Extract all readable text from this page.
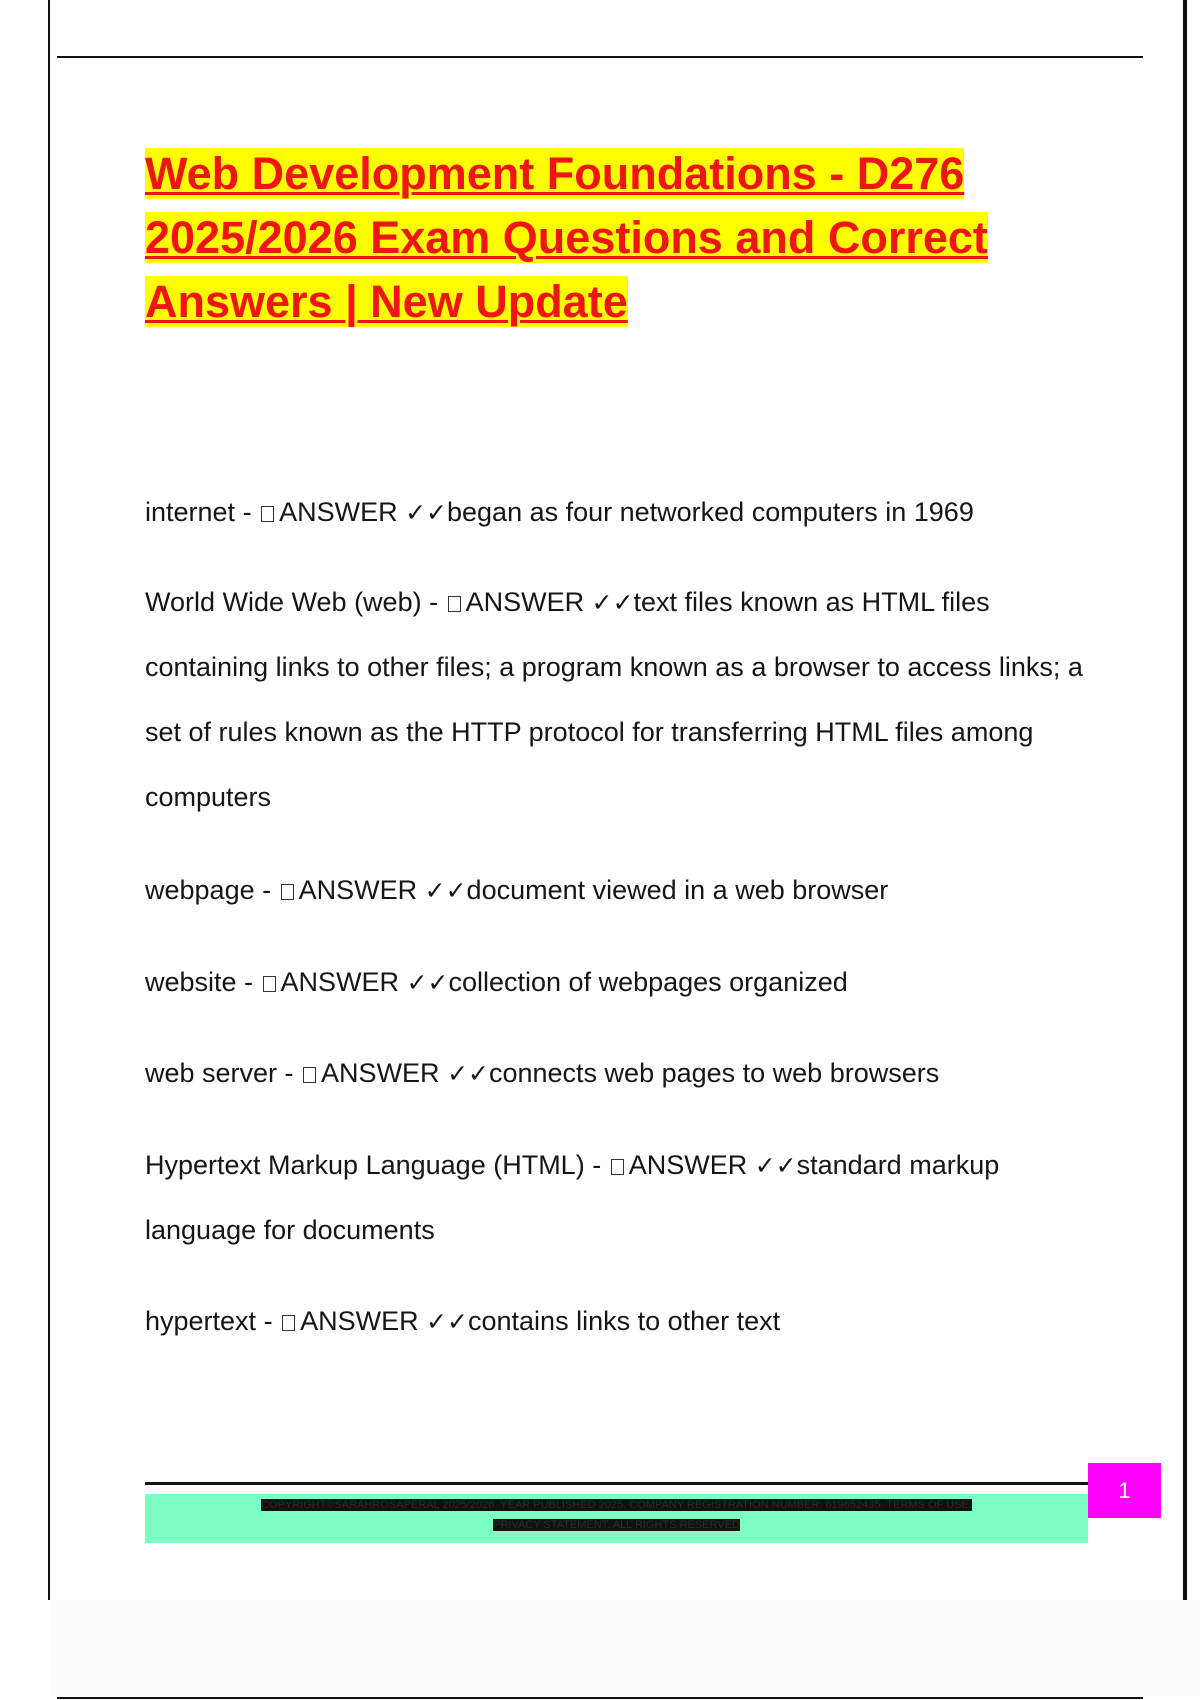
Web Development Foundations - D276 2025/2026 Exam Questions and Correct Answers | New Update

internet - ANSWER ✓✓began as four networked computers in 1969

World Wide Web (web) - ANSWER ✓✓text files known as HTML files containing links to other files; a program known as a browser to access links; a set of rules known as the HTTP protocol for transferring HTML files among computers

webpage - ANSWER ✓✓document viewed in a web browser

website - ANSWER ✓✓collection of webpages organized

web server - ANSWER ✓✓connects web pages to web browsers

Hypertext Markup Language (HTML) - ANSWER ✓✓standard markup language for documents

hypertext - ANSWER ✓✓contains links to other text

COPYRIGHT©SARAHROSAPERAL 2025/2026. YEAR PUBLISHED 2025. COMPANY REGISTRATION NUMBER: 619652435. TERMS OF USE.
PRIVACY STATEMENT. ALL RIGHTS RESERVED
1
